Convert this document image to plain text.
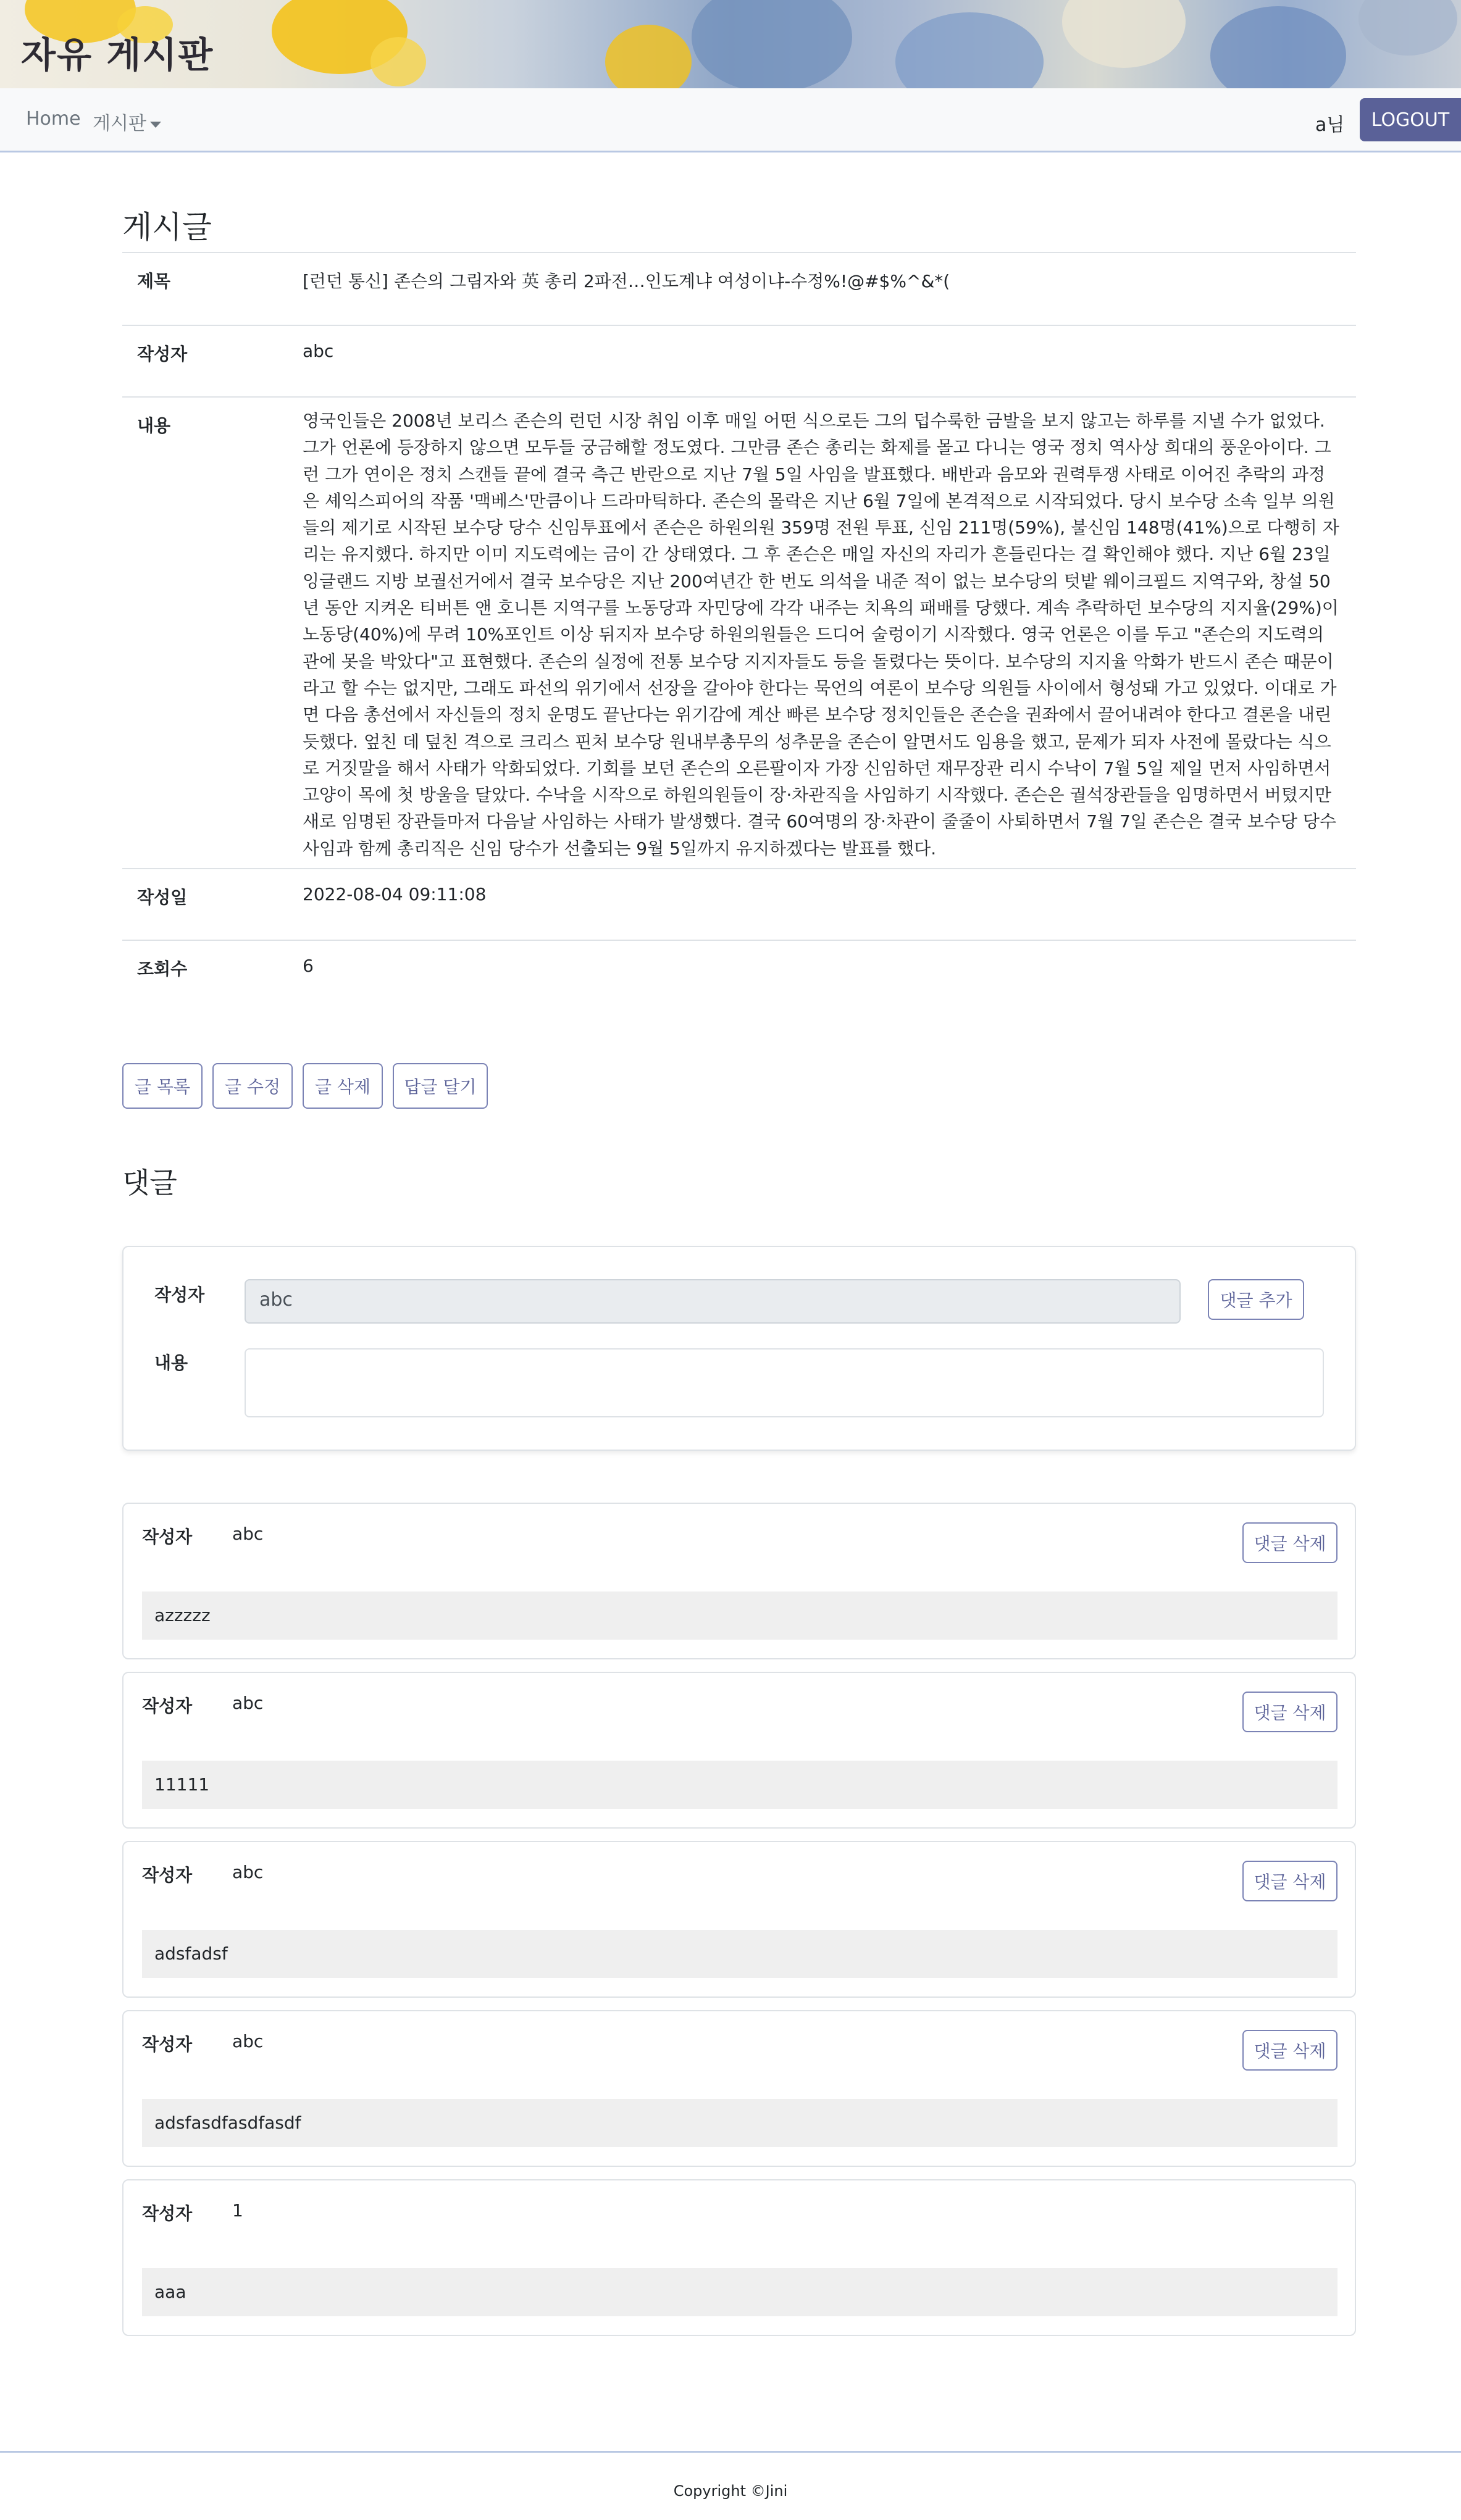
자유 게시판
Home 게시판	a님	LOGOUT
게시글
제목	[런던 통신] 존슨의 그림자와 英 총리 2파전…인도계냐 여성이냐-수정%!@#$%^&*(
작성자	abc
내용	영국인들은 2008년 보리스 존슨의 런던 시장 취임 이후 매일 어떤 식으로든 그의 덥수룩한 금발을 보지 않고는 하루를 지낼 수가 없었다. 그가 언론에 등장하지 않으면 모두들 궁금해할 정도였다. 그만큼 존슨 총리는 화제를 몰고 다니는 영국 정치 역사상 희대의 풍운아이다. 그런 그가 연이은 정치 스캔들 끝에 결국 측근 반란으로 지난 7월 5일 사임을 발표했다. 배반과 음모와 권력투쟁 사태로 이어진 추락의 과정은 셰익스피어의 작품 '맥베스'만큼이나 드라마틱하다. 존슨의 몰락은 지난 6월 7일에 본격적으로 시작되었다. 당시 보수당 소속 일부 의원들의 제기로 시작된 보수당 당수 신임투표에서 존슨은 하원의원 359명 전원 투표, 신임 211명(59%), 불신임 148명(41%)으로 다행히 자리는 유지했다. 하지만 이미 지도력에는 금이 간 상태였다. 그 후 존슨은 매일 자신의 자리가 흔들린다는 걸 확인해야 했다. 지난 6월 23일 잉글랜드 지방 보궐선거에서 결국 보수당은 지난 200여년간 한 번도 의석을 내준 적이 없는 보수당의 텃밭 웨이크필드 지역구와, 창설 50년 동안 지켜온 티버튼 앤 호니튼 지역구를 노동당과 자민당에 각각 내주는 치욕의 패배를 당했다. 계속 추락하던 보수당의 지지율(29%)이 노동당(40%)에 무려 10%포인트 이상 뒤지자 보수당 하원의원들은 드디어 술렁이기 시작했다. 영국 언론은 이를 두고 "존슨의 지도력의 관에 못을 박았다"고 표현했다. 존슨의 실정에 전통 보수당 지지자들도 등을 돌렸다는 뜻이다. 보수당의 지지율 악화가 반드시 존슨 때문이라고 할 수는 없지만, 그래도 파선의 위기에서 선장을 갈아야 한다는 묵언의 여론이 보수당 의원들 사이에서 형성돼 가고 있었다. 이대로 가면 다음 총선에서 자신들의 정치 운명도 끝난다는 위기감에 계산 빠른 보수당 정치인들은 존슨을 권좌에서 끌어내려야 한다고 결론을 내린 듯했다. 엎친 데 덮친 격으로 크리스 핀처 보수당 원내부총무의 성추문을 존슨이 알면서도 임용을 했고, 문제가 되자 사전에 몰랐다는 식으로 거짓말을 해서 사태가 악화되었다. 기회를 보던 존슨의 오른팔이자 가장 신임하던 재무장관 리시 수낙이 7월 5일 제일 먼저 사임하면서 고양이 목에 첫 방울을 달았다. 수낙을 시작으로 하원의원들이 장·차관직을 사임하기 시작했다. 존슨은 궐석장관들을 임명하면서 버텼지만 새로 임명된 장관들마저 다음날 사임하는 사태가 발생했다. 결국 60여명의 장·차관이 줄줄이 사퇴하면서 7월 7일 존슨은 결국 보수당 당수 사임과 함께 총리직은 신임 당수가 선출되는 9월 5일까지 유지하겠다는 발표를 했다.
작성일	2022-08-04 09:11:08
조회수	6
글 목록	글 수정	글 삭제	답글 달기
댓글
작성자	abc	댓글 추가
내용
작성자 abc	댓글 삭제
azzzzz
작성자 abc	댓글 삭제
11111
작성자 abc	댓글 삭제
adsfadsf
작성자 abc	댓글 삭제
adsfasdfasdfasdf
작성자 1
aaa
Copyright ©Jini
